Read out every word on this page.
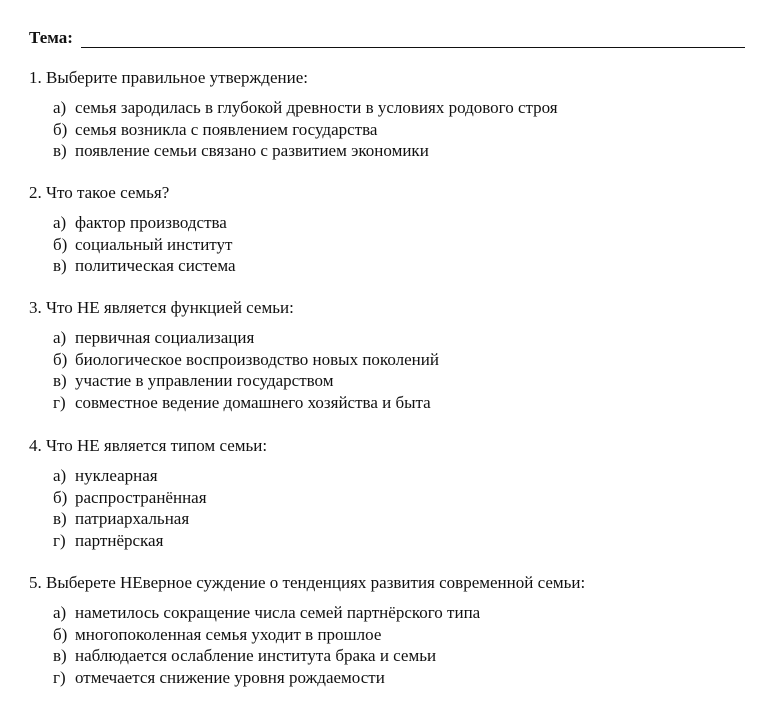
Тема:

1. Выберите правильное утверждение:

а) семья зародилась в глубокой древности в условиях родового строя
б) семья возникла с появлением государства
в) появление семьи связано с развитием экономики

2. Что такое семья?

а) фактор производства
б) социальный институт
в) политическая система

3. Что НЕ является функцией семьи:

а) первичная социализация
б) биологическое воспроизводство новых поколений
в) участие в управлении государством
г) совместное ведение домашнего хозяйства и быта

4. Что НЕ является типом семьи:

а) нуклеарная
б) распространённая
в) патриархальная
г) партнёрская

5. Выберете НЕверное суждение о тенденциях развития современной семьи:

а) наметилось сокращение числа семей партнёрского типа
б) многопоколенная семья уходит в прошлое
в) наблюдается ослабление института брака и семьи
г) отмечается снижение уровня рождаемости
